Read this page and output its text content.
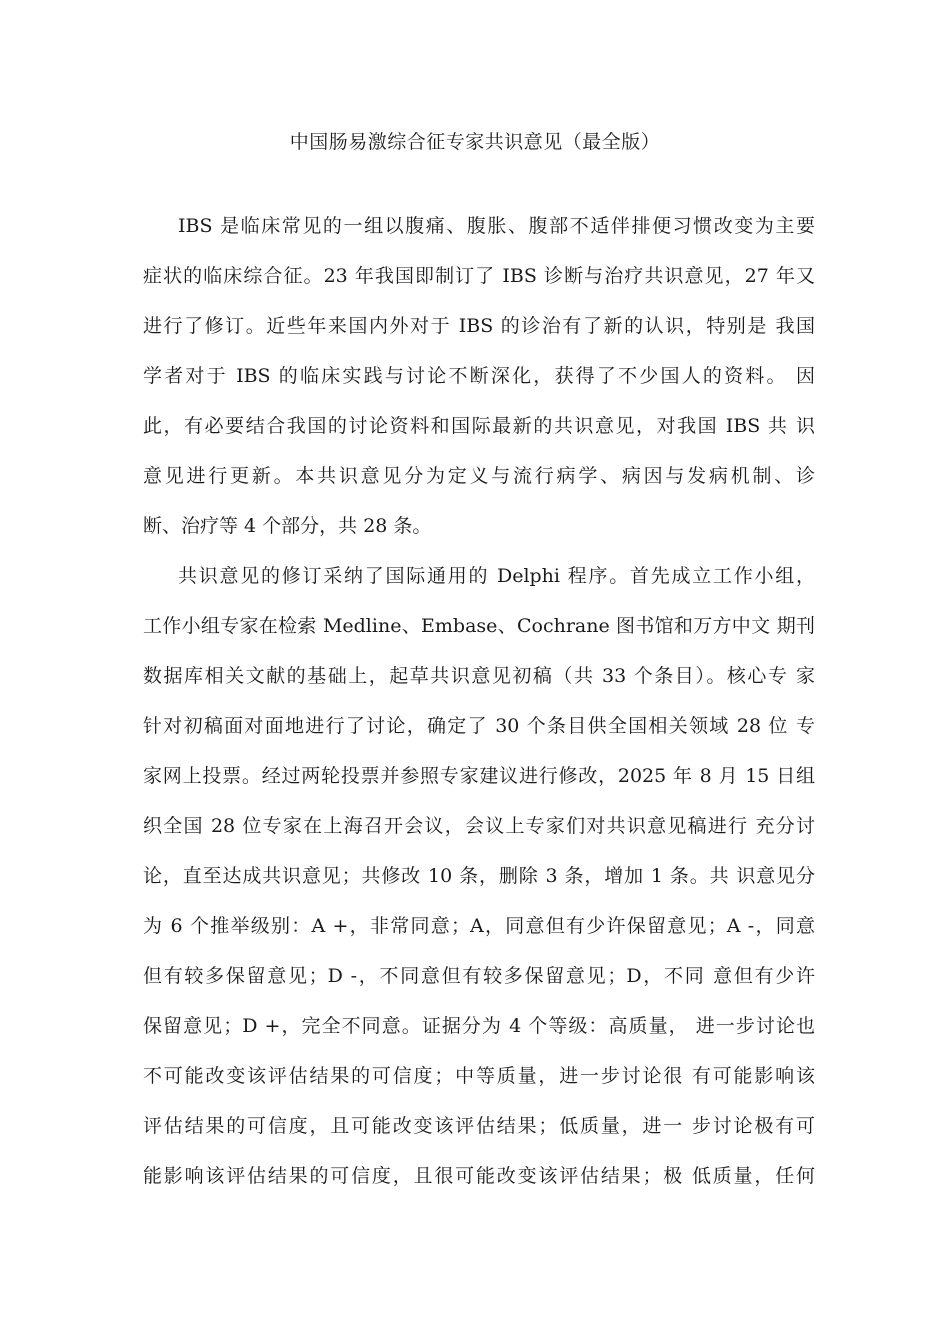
中国肠易激综合征专家共识意见（最全版）
IBS 是临床常见的一组以腹痛、腹胀、腹部不适伴排便习惯改变为主要
症状的临床综合征。23 年我国即制订了 IBS 诊断与治疗共识意见，27 年又
进行了修订。近些年来国内外对于 IBS 的诊治有了新的认识，特别是 我国
学者对于 IBS 的临床实践与讨论不断深化，获得了不少国人的资料。 因
此，有必要结合我国的讨论资料和国际最新的共识意见，对我国 IBS 共 识
意见进行更新。本共识意见分为定义与流行病学、病因与发病机制、诊
断、治疗等 4 个部分，共 28 条。
共识意见的修订采纳了国际通用的 Delphi 程序。首先成立工作小组，
工作小组专家在检索 Medline、Embase、Cochrane 图书馆和万方中文 期刊
数据库相关文献的基础上，起草共识意见初稿（共 33 个条目）。核心专 家
针对初稿面对面地进行了讨论，确定了 30 个条目供全国相关领域 28 位 专
家网上投票。经过两轮投票并参照专家建议进行修改，2025 年 8 月 15 日组
织全国 28 位专家在上海召开会议，会议上专家们对共识意见稿进行 充分讨
论，直至达成共识意见；共修改 10 条，删除 3 条，增加 1 条。共 识意见分
为 6 个推举级别：A +，非常同意；A，同意但有少许保留意见；A -，同意
但有较多保留意见；D -，不同意但有较多保留意见；D，不同 意但有少许
保留意见；D +，完全不同意。证据分为 4 个等级：高质量， 进一步讨论也
不可能改变该评估结果的可信度；中等质量，进一步讨论很 有可能影响该
评估结果的可信度，且可能改变该评估结果；低质量，进一 步讨论极有可
能影响该评估结果的可信度，且很可能改变该评估结果；极 低质量，任何
